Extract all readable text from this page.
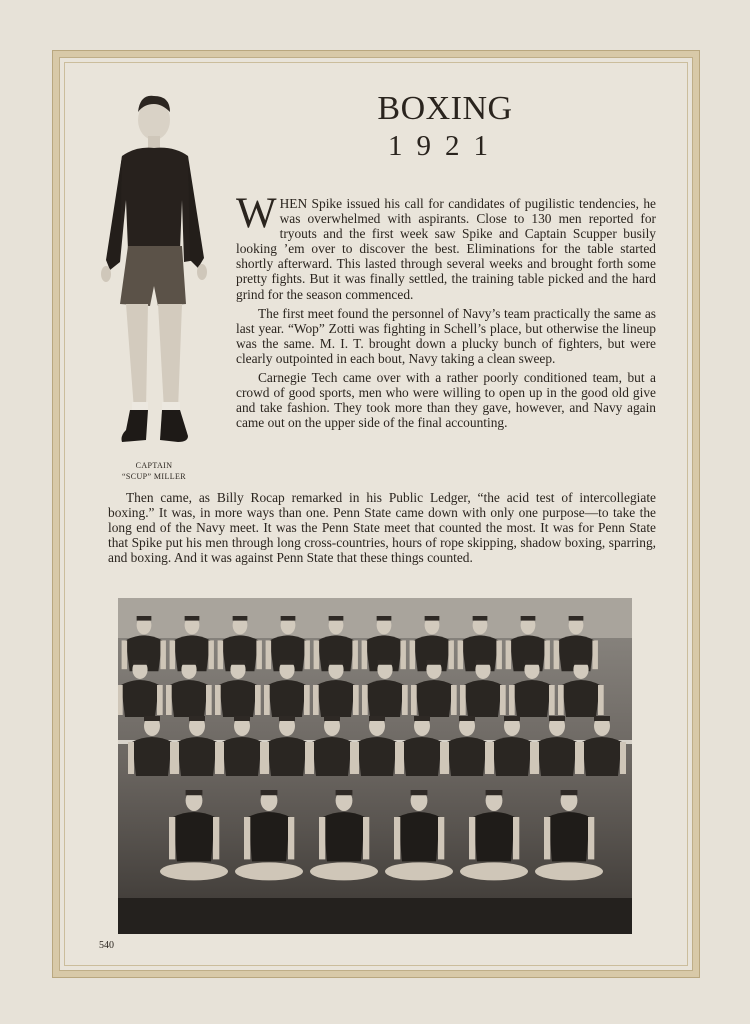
CAPTAIN
“SCUP” MILLER
BOXING
1921

WHEN Spike issued his call for candidates of pugilistic tendencies, he was overwhelmed with aspirants. Close to 130 men reported for tryouts and the first week saw Spike and Captain Scupper busily looking ’em over to discover the best. Eliminations for the table started shortly afterward. This lasted through several weeks and brought forth some pretty fights. But it was finally settled, the training table picked and the hard grind for the season commenced.

The first meet found the personnel of Navy’s team practically the same as last year. “Wop” Zotti was fighting in Schell’s place, but otherwise the lineup was the same. M. I. T. brought down a plucky bunch of fighters, but were clearly outpointed in each bout, Navy taking a clean sweep.

Carnegie Tech came over with a rather poorly conditioned team, but a crowd of good sports, men who were willing to open up in the good old give and take fashion. They took more than they gave, however, and Navy again came out on the upper side of the final accounting.

Then came, as Billy Rocap remarked in his Public Ledger, “the acid test of intercollegiate boxing.” It was, in more ways than one. Penn State came down with only one purpose—to take the long end of the Navy meet. It was the Penn State meet that counted the most. It was for Penn State that Spike put his men through long cross-countries, hours of rope skipping, shadow boxing, sparring, and boxing. And it was against Penn State that these things counted.

540
